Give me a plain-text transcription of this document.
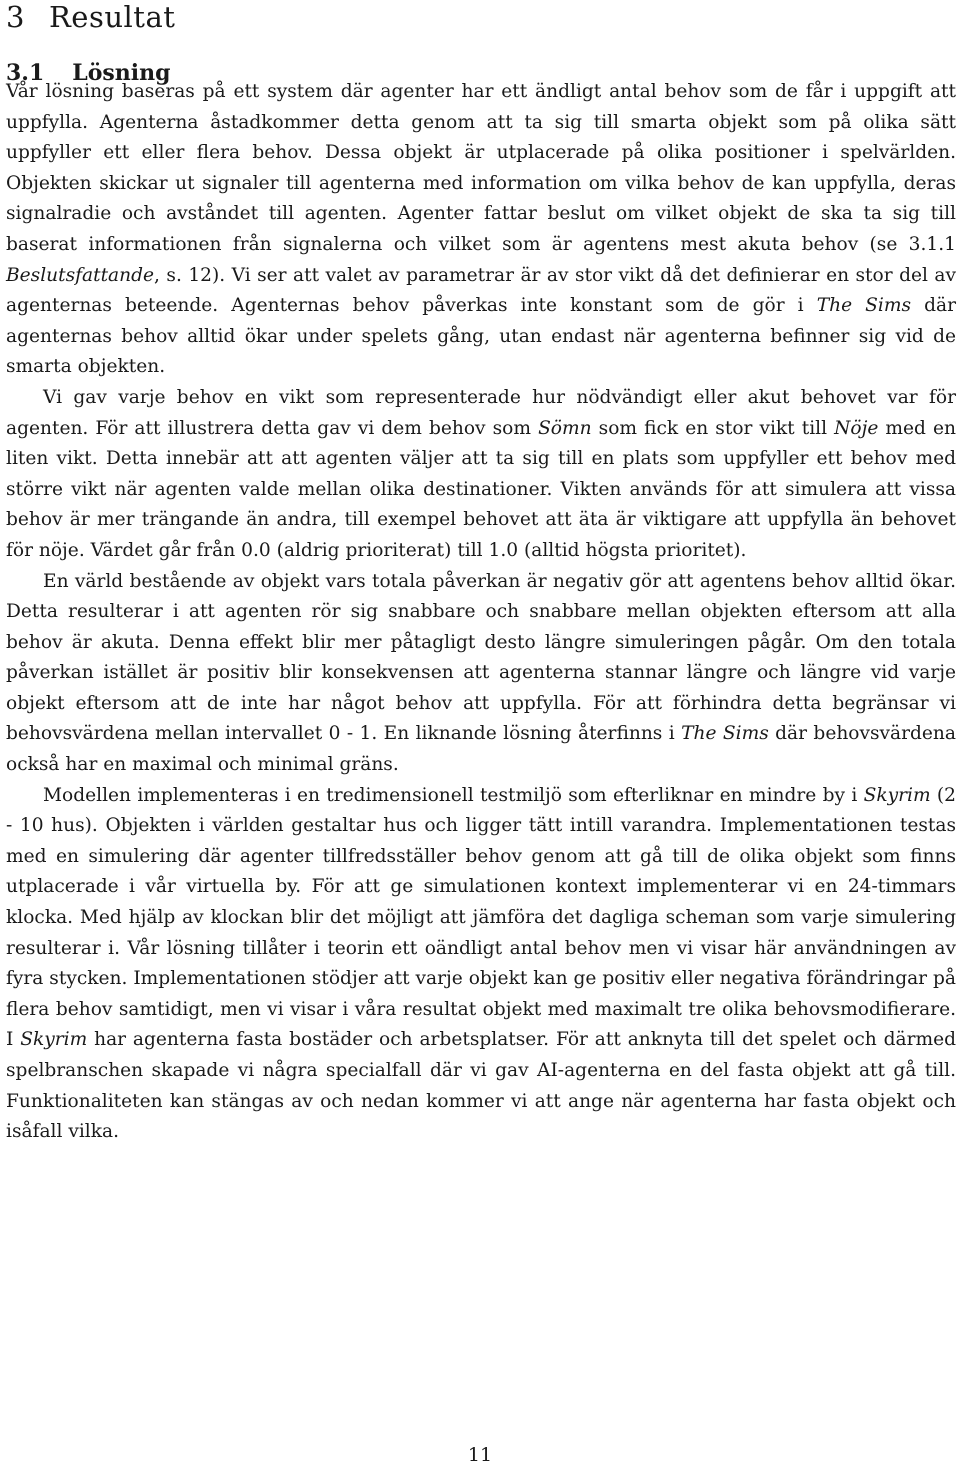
3 Resultat
3.1 Lösning

Vår lösning baseras på ett system där agenter har ett ändligt antal behov som de får i uppgift att uppfylla. Agenterna åstadkommer detta genom att ta sig till smarta objekt som på olika sätt uppfyller ett eller flera behov. Dessa objekt är utplacerade på olika positioner i spelvärlden. Objekten skickar ut signaler till agenterna med information om vilka behov de kan uppfylla, deras signalradie och avståndet till agenten. Agenter fattar beslut om vilket objekt de ska ta sig till baserat informationen från signalerna och vilket som är agentens mest akuta behov (se 3.1.1 Beslutsfattande, s. 12). Vi ser att valet av parametrar är av stor vikt då det definierar en stor del av agenternas beteende. Agenternas behov påverkas inte konstant som de gör i The Sims där agenternas behov alltid ökar under spelets gång, utan endast när agenterna befinner sig vid de smarta objekten.

Vi gav varje behov en vikt som representerade hur nödvändigt eller akut behovet var för agenten. För att illustrera detta gav vi dem behov som Sömn som fick en stor vikt till Nöje med en liten vikt. Detta innebär att att agenten väljer att ta sig till en plats som uppfyller ett behov med större vikt när agenten valde mellan olika destinationer. Vikten används för att simulera att vissa behov är mer trängande än andra, till exempel behovet att äta är viktigare att uppfylla än behovet för nöje. Värdet går från 0.0 (aldrig prioriterat) till 1.0 (alltid högsta prioritet).

En värld bestående av objekt vars totala påverkan är negativ gör att agentens behov alltid ökar. Detta resulterar i att agenten rör sig snabbare och snabbare mellan objekten eftersom att alla behov är akuta. Denna effekt blir mer påtagligt desto längre simuleringen pågår. Om den totala påverkan istället är positiv blir konsekvensen att agenterna stannar längre och längre vid varje objekt eftersom att de inte har något behov att uppfylla. För att förhindra detta begränsar vi behovsvärdena mellan intervallet 0 - 1. En liknande lösning återfinns i The Sims där behovsvärdena också har en maximal och minimal gräns.

Modellen implementeras i en tredimensionell testmiljö som efterliknar en mindre by i Skyrim (2 - 10 hus). Objekten i världen gestaltar hus och ligger tätt intill varandra. Implementationen testas med en simulering där agenter tillfredsställer behov genom att gå till de olika objekt som finns utplacerade i vår virtuella by. För att ge simulationen kontext implementerar vi en 24-timmars klocka. Med hjälp av klockan blir det möjligt att jämföra det dagliga scheman som varje simulering resulterar i. Vår lösning tillåter i teorin ett oändligt antal behov men vi visar här användningen av fyra stycken. Implementationen stödjer att varje objekt kan ge positiv eller negativa förändringar på flera behov samtidigt, men vi visar i våra resultat objekt med maximalt tre olika behovsmodifierare. I Skyrim har agenterna fasta bostäder och arbetsplatser. För att anknyta till det spelet och därmed spelbranschen skapade vi några specialfall där vi gav AI-agenterna en del fasta objekt att gå till. Funktionaliteten kan stängas av och nedan kommer vi att ange när agenterna har fasta objekt och isåfall vilka.

11
